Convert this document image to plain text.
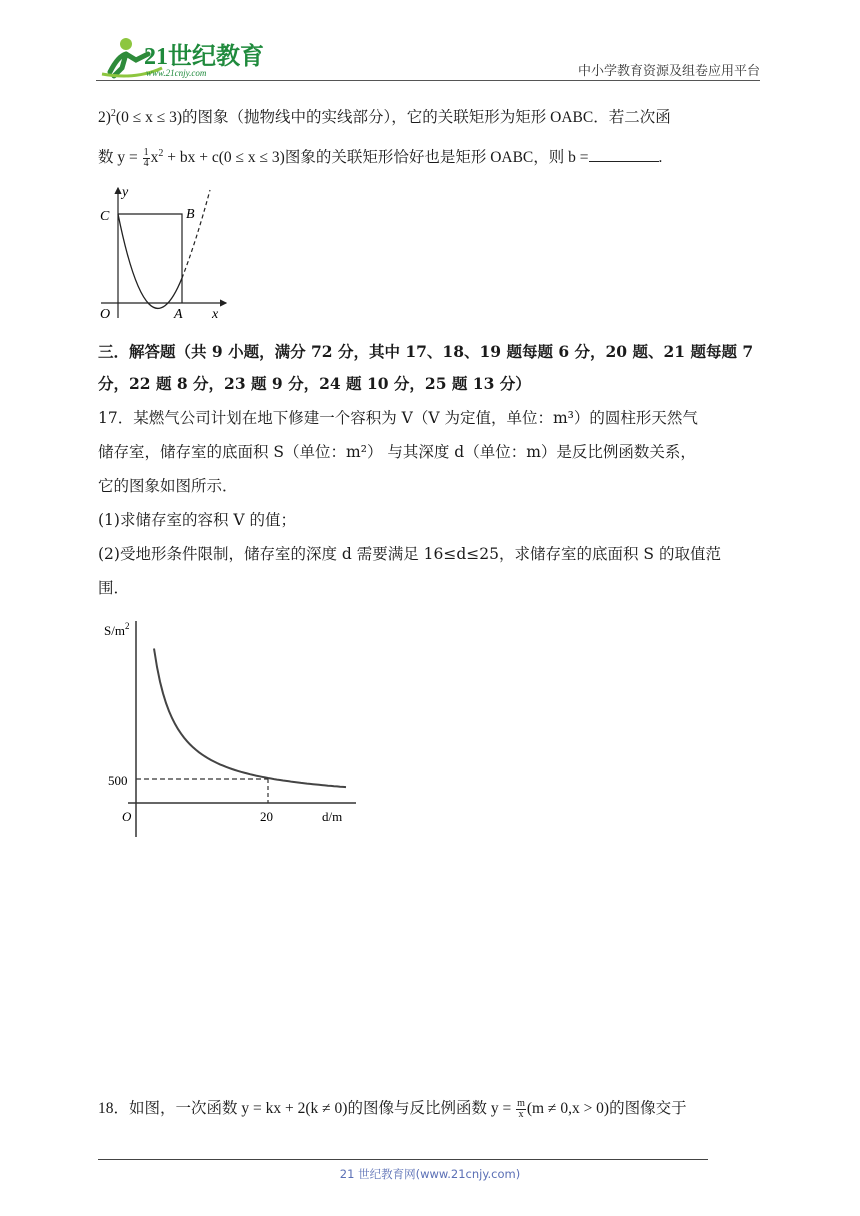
21世纪教育
www.21cnjy.com	中小学教育资源及组卷应用平台
2)$^2$(0 ≤ x ≤ 3)的图象（抛物线中的实线部分），它的关联矩形为矩形 OABC．若二次函
数 $y = \frac{1}{4} x^2$ + bx + c(0 ≤ x ≤ 3)图象的关联矩形恰好也是矩形 OABC，则 b =	.
y
x
C	B
O	A
三．解答题（共 9 小题，满分 72 分，其中 17、18、19 题每题 6 分，20 题、21 题每题 7
分，22 题 8 分，23 题 9 分，24 题 10 分，25 题 13 分）
17．某燃气公司计划在地下修建一个容积为 V（V 为定值，单位：m³）的圆柱形天然气
储存室，储存室的底面积 S（单位：m²） 与其深度 d（单位：m）是反比例函数关系，
它的图象如图所示．
(1)求储存室的容积 V 的值；
(2)受地形条件限制，储存室的深度 d 需要满足 16≤d≤25，求储存室的底面积 S 的取值范
围．
$S/m^2$
d/m
O
500
20
18．如图，一次函数 y = kx + 2(k ≠ 0)的图像与反比例函数 $y = \frac{m}{x} (m \ne 0,x > 0)$的图像交于
21 世纪教育网(www.21cnjy.com)
